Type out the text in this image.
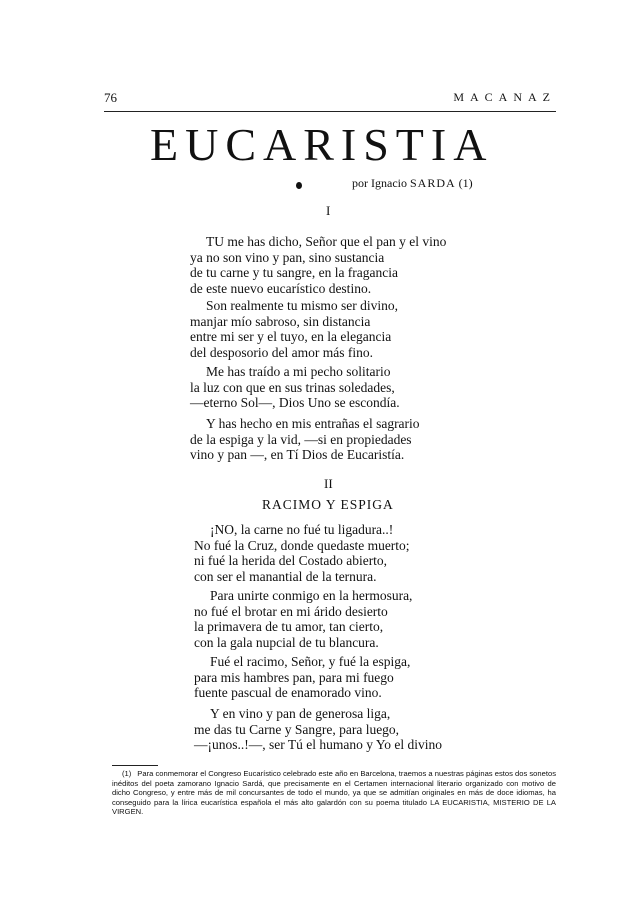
76	MACANAZ
EUCARISTIA
por Ignacio SARDA (1)
I
TU me has dicho, Señor que el pan y el vino
ya no son vino y pan, sino sustancia
de tu carne y tu sangre, en la fragancia
de este nuevo eucarístico destino.
Son realmente tu mismo ser divino,
manjar mío sabroso, sin distancia
entre mi ser y el tuyo, en la elegancia
del desposorio del amor más fino.
Me has traído a mi pecho solitario
la luz con que en sus trinas soledades,
—eterno Sol—, Dios Uno se escondía.
Y has hecho en mis entrañas el sagrario
de la espiga y la vid, —si en propiedades
vino y pan —, en Tí Dios de Eucaristía.
II
RACIMO Y ESPIGA
¡NO, la carne no fué tu ligadura..!
No fué la Cruz, donde quedaste muerto;
ni fué la herida del Costado abierto,
con ser el manantial de la ternura.
Para unirte conmigo en la hermosura,
no fué el brotar en mi árido desierto
la primavera de tu amor, tan cierto,
con la gala nupcial de tu blancura.
Fué el racimo, Señor, y fué la espiga,
para mis hambres pan, para mi fuego
fuente pascual de enamorado vino.
Y en vino y pan de generosa liga,
me das tu Carne y Sangre, para luego,
—¡unos..!—, ser Tú el humano y Yo el divino
(1) Para conmemorar el Congreso Eucarístico celebrado este año en Barcelona, traemos a nuestras páginas estos dos sonetos inéditos del poeta zamorano Ignacio Sardá, que precisamente en el Certamen internacional literario organizado con motivo de dicho Congreso, y entre más de mil concursantes de todo el mundo, ya que se admitían originales en más de doce idiomas, ha conseguido para la lírica eucarística española el más alto galardón con su poema titulado LA EUCARISTIA, MISTERIO DE LA VIRGEN.
